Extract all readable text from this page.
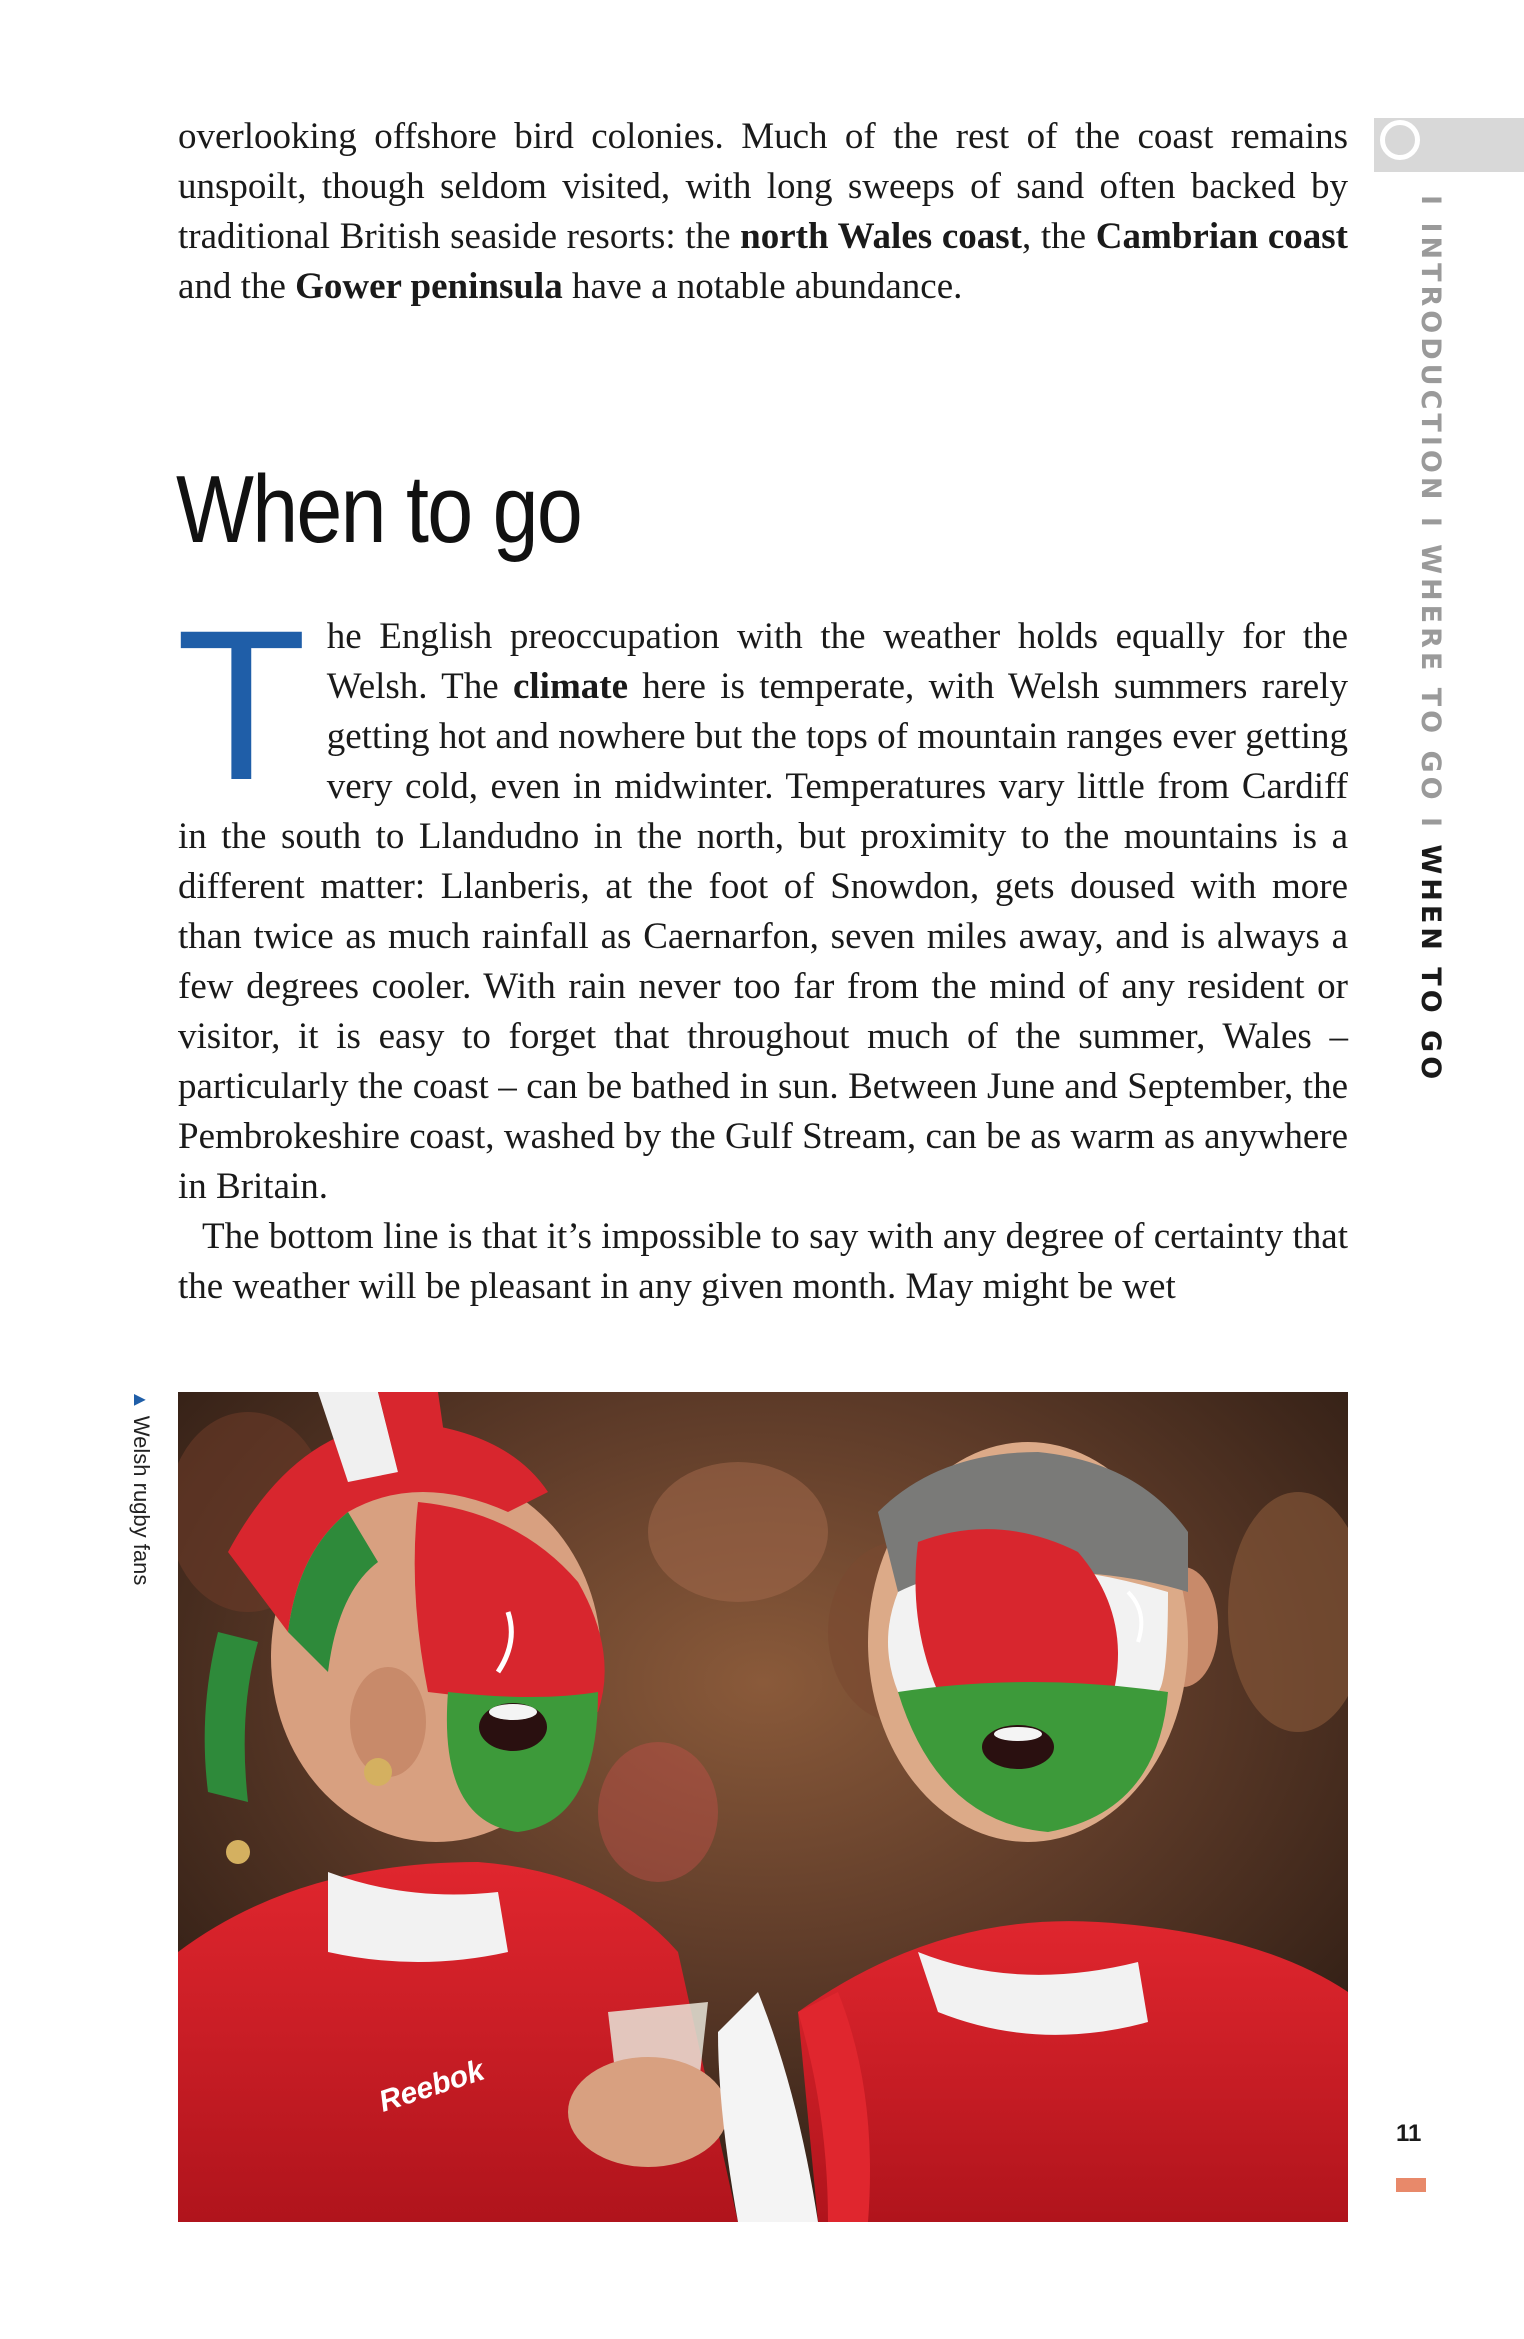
overlooking offshore bird colonies. Much of the rest of the coast remains unspoilt, though seldom visited, with long sweeps of sand often backed by traditional British seaside resorts: the north Wales coast, the Cambrian coast and the Gower peninsula have a notable abundance.

When to go

The English preoccupation with the weather holds equally for the Welsh. The climate here is temperate, with Welsh summers rarely getting hot and nowhere but the tops of mountain ranges ever getting very cold, even in midwinter. Temperatures vary little from Cardiff in the south to Llandudno in the north, but proximity to the mountains is a different matter: Llanberis, at the foot of Snowdon, gets doused with more than twice as much rainfall as Caernarfon, seven miles away, and is always a few degrees cooler. With rain never too far from the mind of any resident or visitor, it is easy to forget that throughout much of the summer, Wales – particularly the coast – can be bathed in sun. Between June and September, the Pembrokeshire coast, washed by the Gulf Stream, can be as warm as anywhere in Britain.

The bottom line is that it’s impossible to say with any degree of certainty that the weather will be pleasant in any given month. May might be wet

Reebok
▲Welsh rugby fans
I INTRODUCTION I WHERE TO GO I WHEN TO GO
11
